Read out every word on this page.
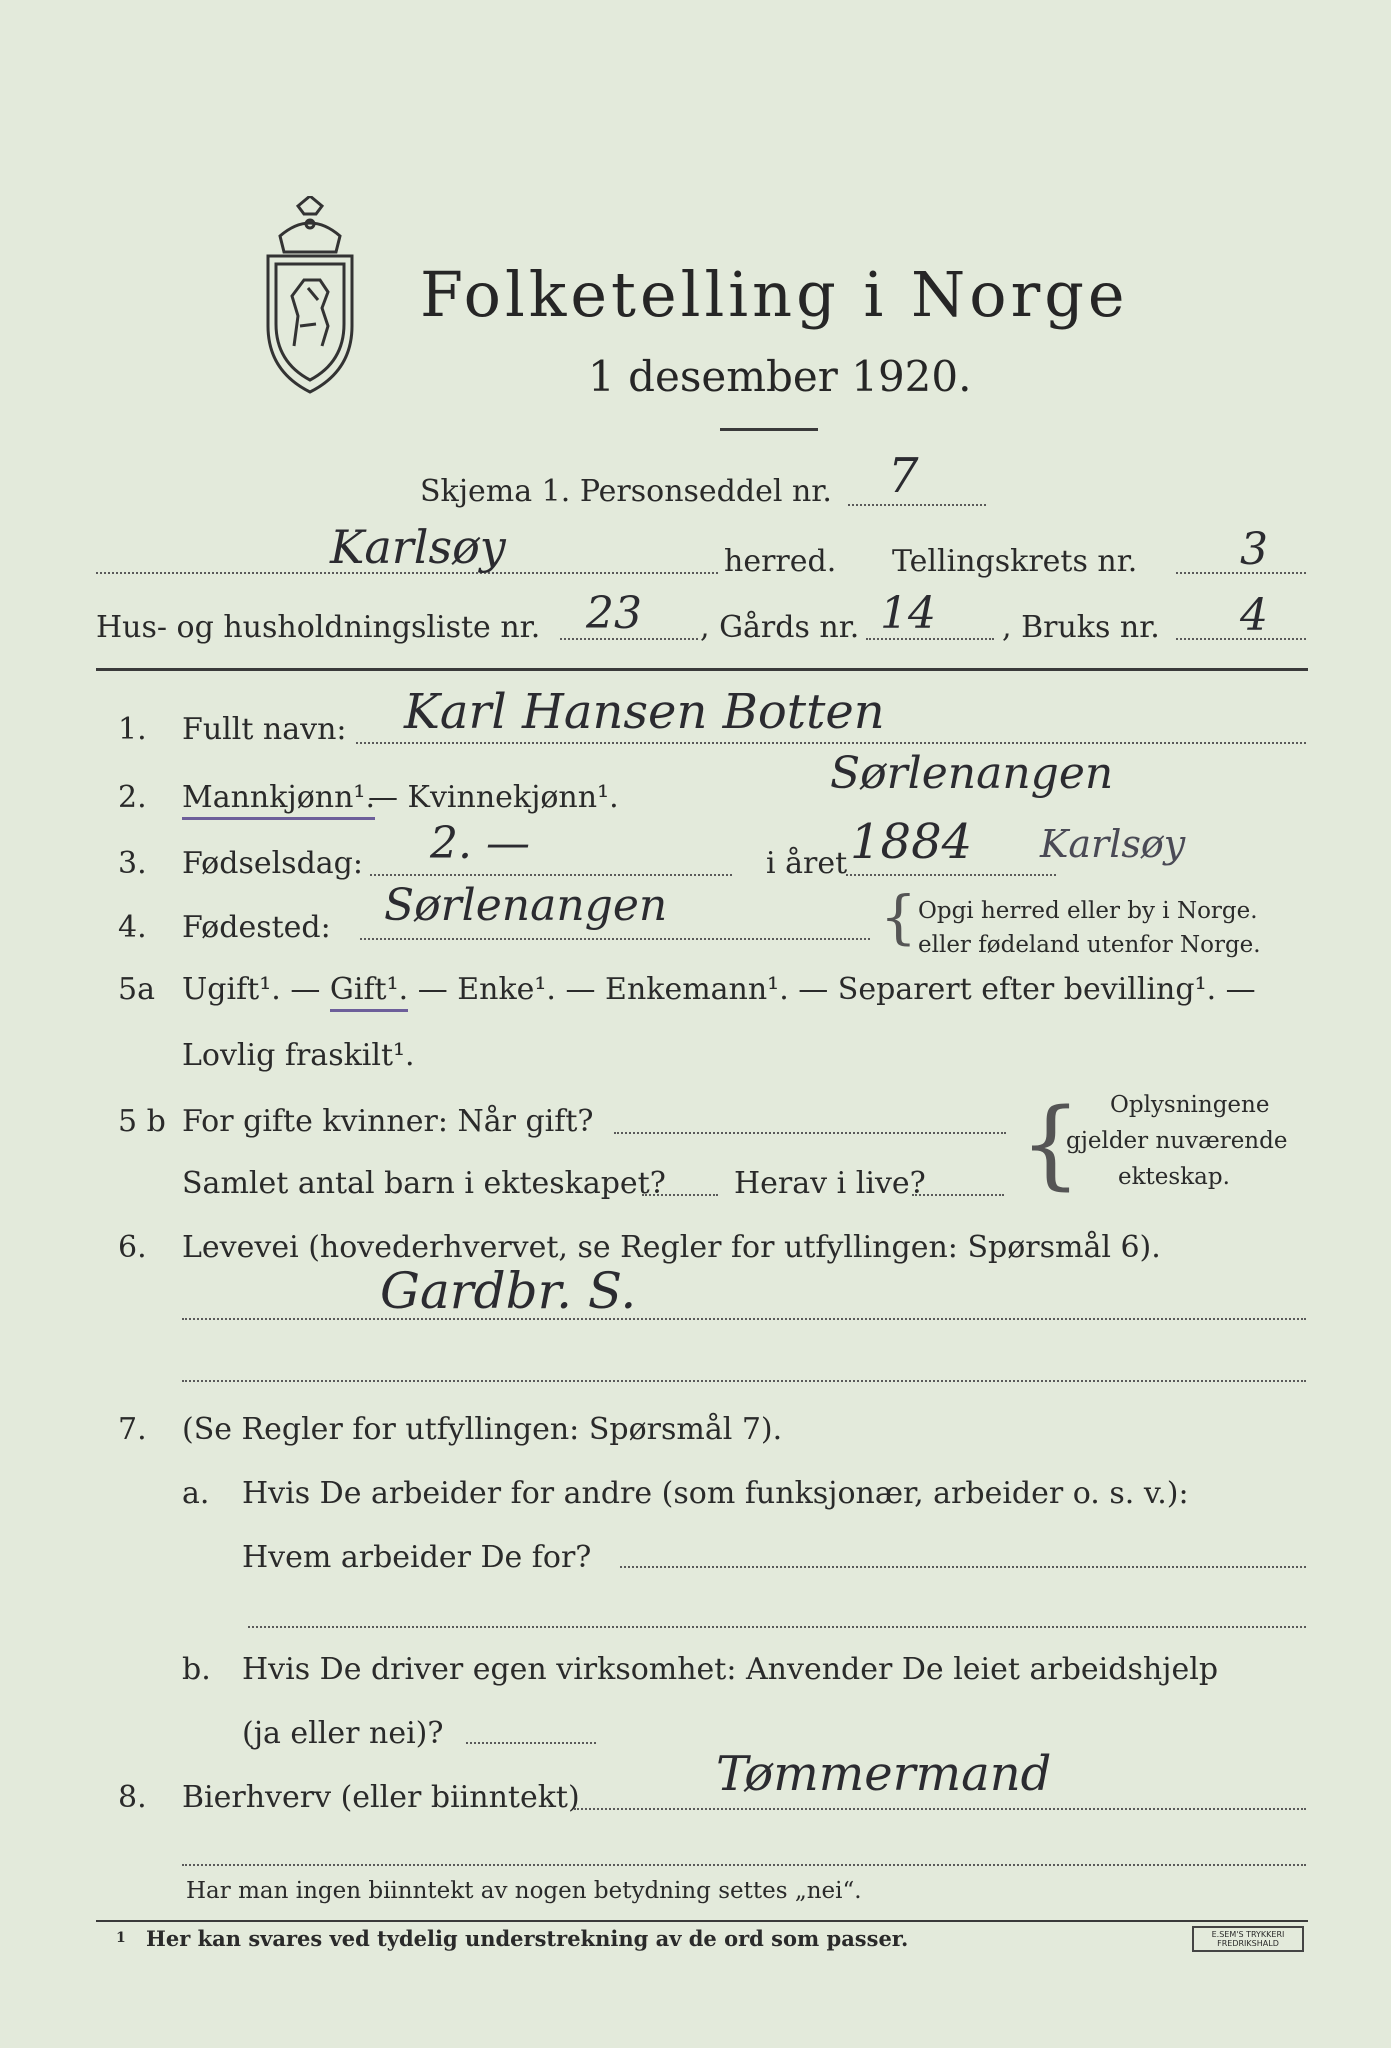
Folketelling i Norge
1 desember 1920.
Skjema 1. Personseddel nr. 7
Karlsøy	herred. Tellingskrets nr. 3
Hus- og husholdningsliste nr. 23 , Gårds nr. 14 , Bruks nr. 4
1. Fullt navn: Karl Hansen Botten
2. Mannkjønn¹.
— Kvinnekjønn¹.	Sørlenangen
3. Fødselsdag: 2. —	i året 1884
4. Fødested: Sørlenangen
Karlsøy
{ Opgi herred eller by i Norge.
eller fødeland utenfor Norge.
5a Ugift¹. — Gift¹. — Enke¹. — Enkemann¹. — Separert efter bevilling¹. —
Lovlig fraskilt¹.
5 b For gifte kvinner: Når gift?
Samlet antal barn i ekteskapet? Herav i live? { Oplysningene
gjelder nuværende
ekteskap.
6. Levevei (hovederhvervet, se Regler for utfyllingen: Spørsmål 6).
Gardbr. S.
7. (Se Regler for utfyllingen: Spørsmål 7).
a. Hvis De arbeider for andre (som funksjonær, arbeider o. s. v.):
Hvem arbeider De for?
b. Hvis De driver egen virksomhet: Anvender De leiet arbeidshjelp
(ja eller nei)?
8. Bierhverv (eller biinntekt)	Tømmermand
Har man ingen biinntekt av nogen betydning settes „nei“.
1 Her kan svares ved tydelig understrekning av de ord som passer.	E.SEM'S TRYKKERI
FREDRIKSHALD
